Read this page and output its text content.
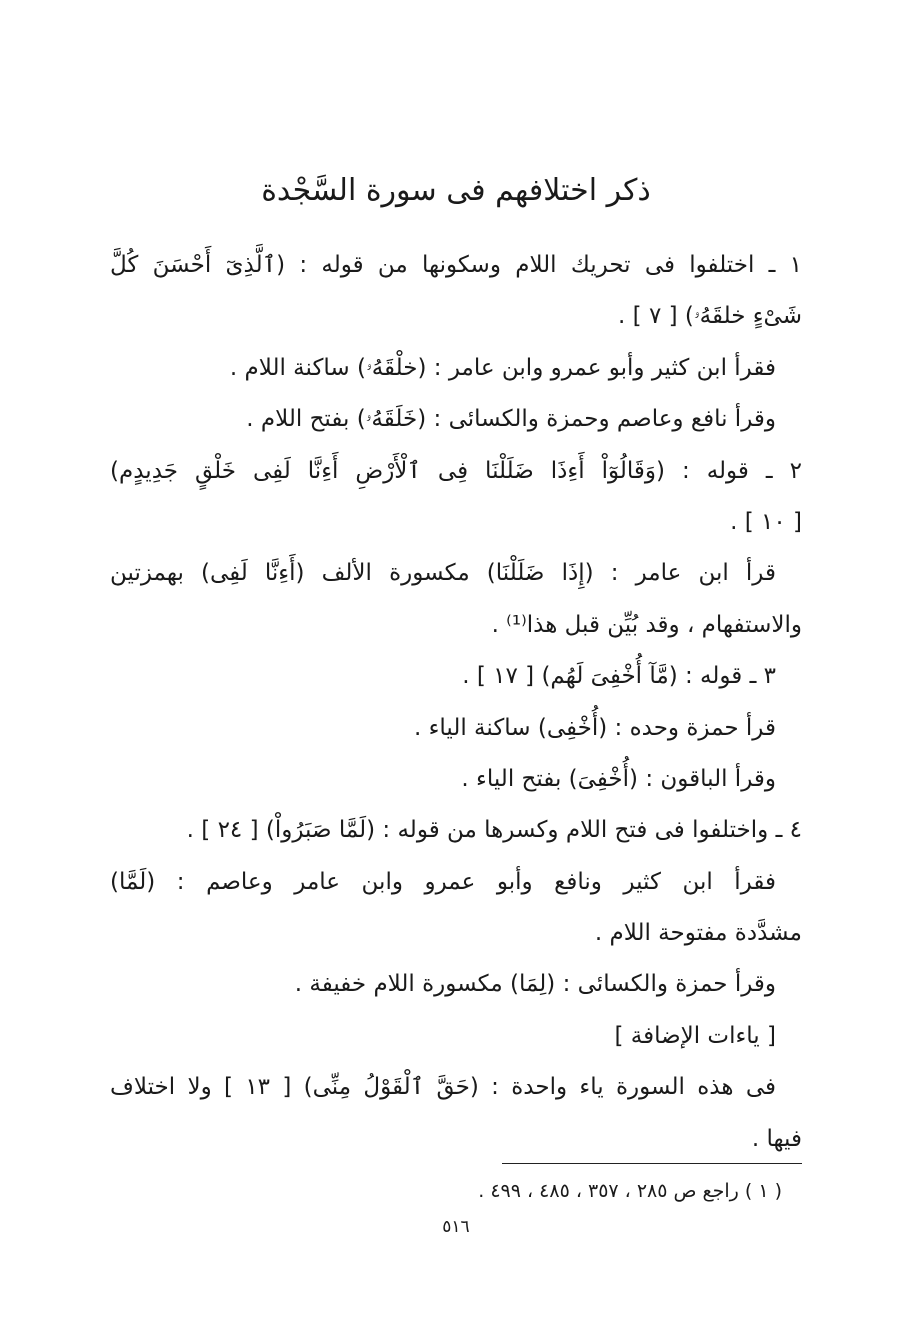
ذكر اختلافهم فى سورة السَّجْدة
١ ـ اختلفوا فى تحريك اللام وسكونها من قوله : (ٱلَّذِىٓ أَحْسَنَ كُلَّ
شَىْءٍ خلقَهُۥ) [ ٧ ] .
فقرأ ابن كثير وأبو عمرو وابن عامر : (خلْقَهُۥ) ساكنة اللام .
وقرأ نافع وعاصم وحمزة والكسائى : (خَلَقَهُۥ) بفتح اللام .
٢ ـ قوله : (وَقَالُوٓاْ أَءِذَا ضَلَلْنَا فِى ٱلْأَرْضِ أَءِنَّا لَفِى خَلْقٍ جَدِيدٍم)
[ ١٠ ] .
قرأ ابن عامر : (إِذَا ضَلَلْنَا) مكسورة الألف (أَءِنَّا لَفِى) بهمزتين
والاستفهام ، وقد بُيِّن قبل هذا⁽¹⁾ .
٣ ـ قوله : (مَّآ أُخْفِىَ لَهُم) [ ١٧ ] .
قرأ حمزة وحده : (أُخْفِى) ساكنة الياء .
وقرأ الباقون : (أُخْفِىَ) بفتح الياء .
٤ ـ واختلفوا فى فتح اللام وكسرها من قوله : (لَمَّا صَبَرُواْ) [ ٢٤ ] .
فقرأ ابن كثير ونافع وأبو عمرو وابن عامر وعاصم : (لَمَّا)
مشدَّدة مفتوحة اللام .
وقرأ حمزة والكسائى : (لِمَا) مكسورة اللام خفيفة .
[ ياءات الإضافة ]
فى هذه السورة ياء واحدة : (حَقَّ ٱلْقَوْلُ مِنِّى) [ ١٣ ] ولا اختلاف
فيها .
( ١ ) راجع ص ٢٨٥ ، ٣٥٧ ، ٤٨٥ ، ٤٩٩ .
٥١٦
